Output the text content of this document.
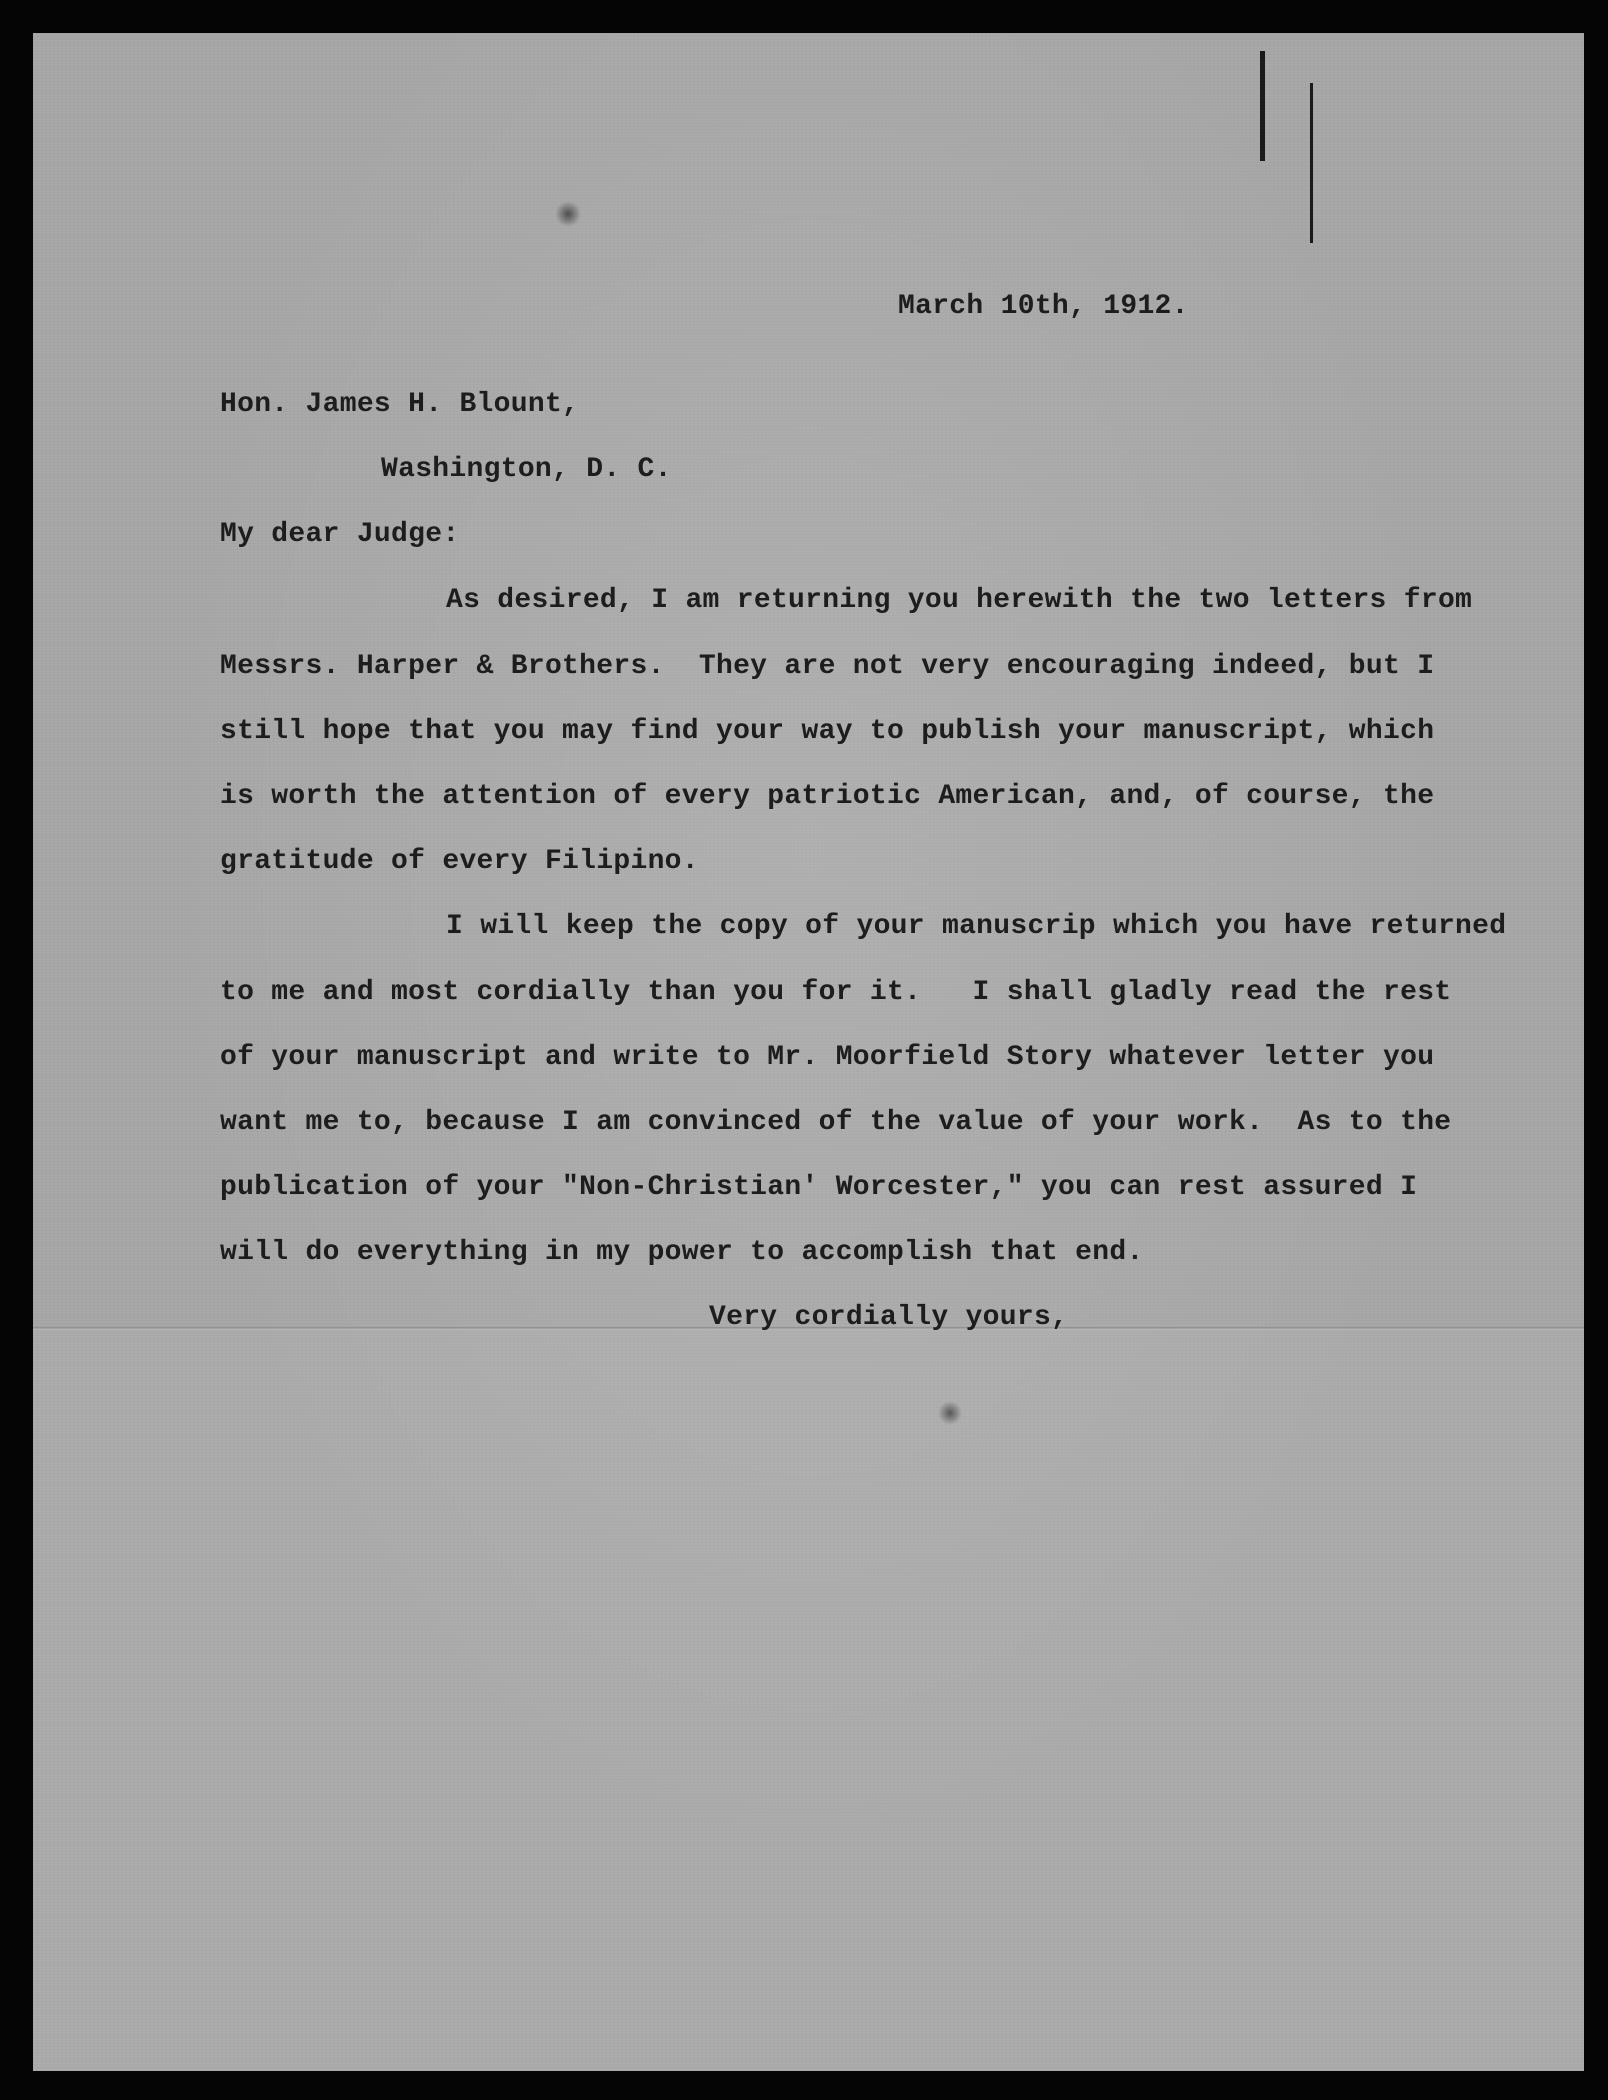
March 10th, 1912.
Hon. James H. Blount,
Washington, D. C.
My dear Judge:
As desired, I am returning you herewith the two letters from
Messrs. Harper & Brothers.  They are not very encouraging indeed, but I
still hope that you may find your way to publish your manuscript, which
is worth the attention of every patriotic American, and, of course, the
gratitude of every Filipino.
I will keep the copy of your manuscrip which you have returned
to me and most cordially than you for it.   I shall gladly read the rest
of your manuscript and write to Mr. Moorfield Story whatever letter you
want me to, because I am convinced of the value of your work.  As to the
publication of your "Non-Christian' Worcester," you can rest assured I
will do everything in my power to accomplish that end.
Very cordially yours,
